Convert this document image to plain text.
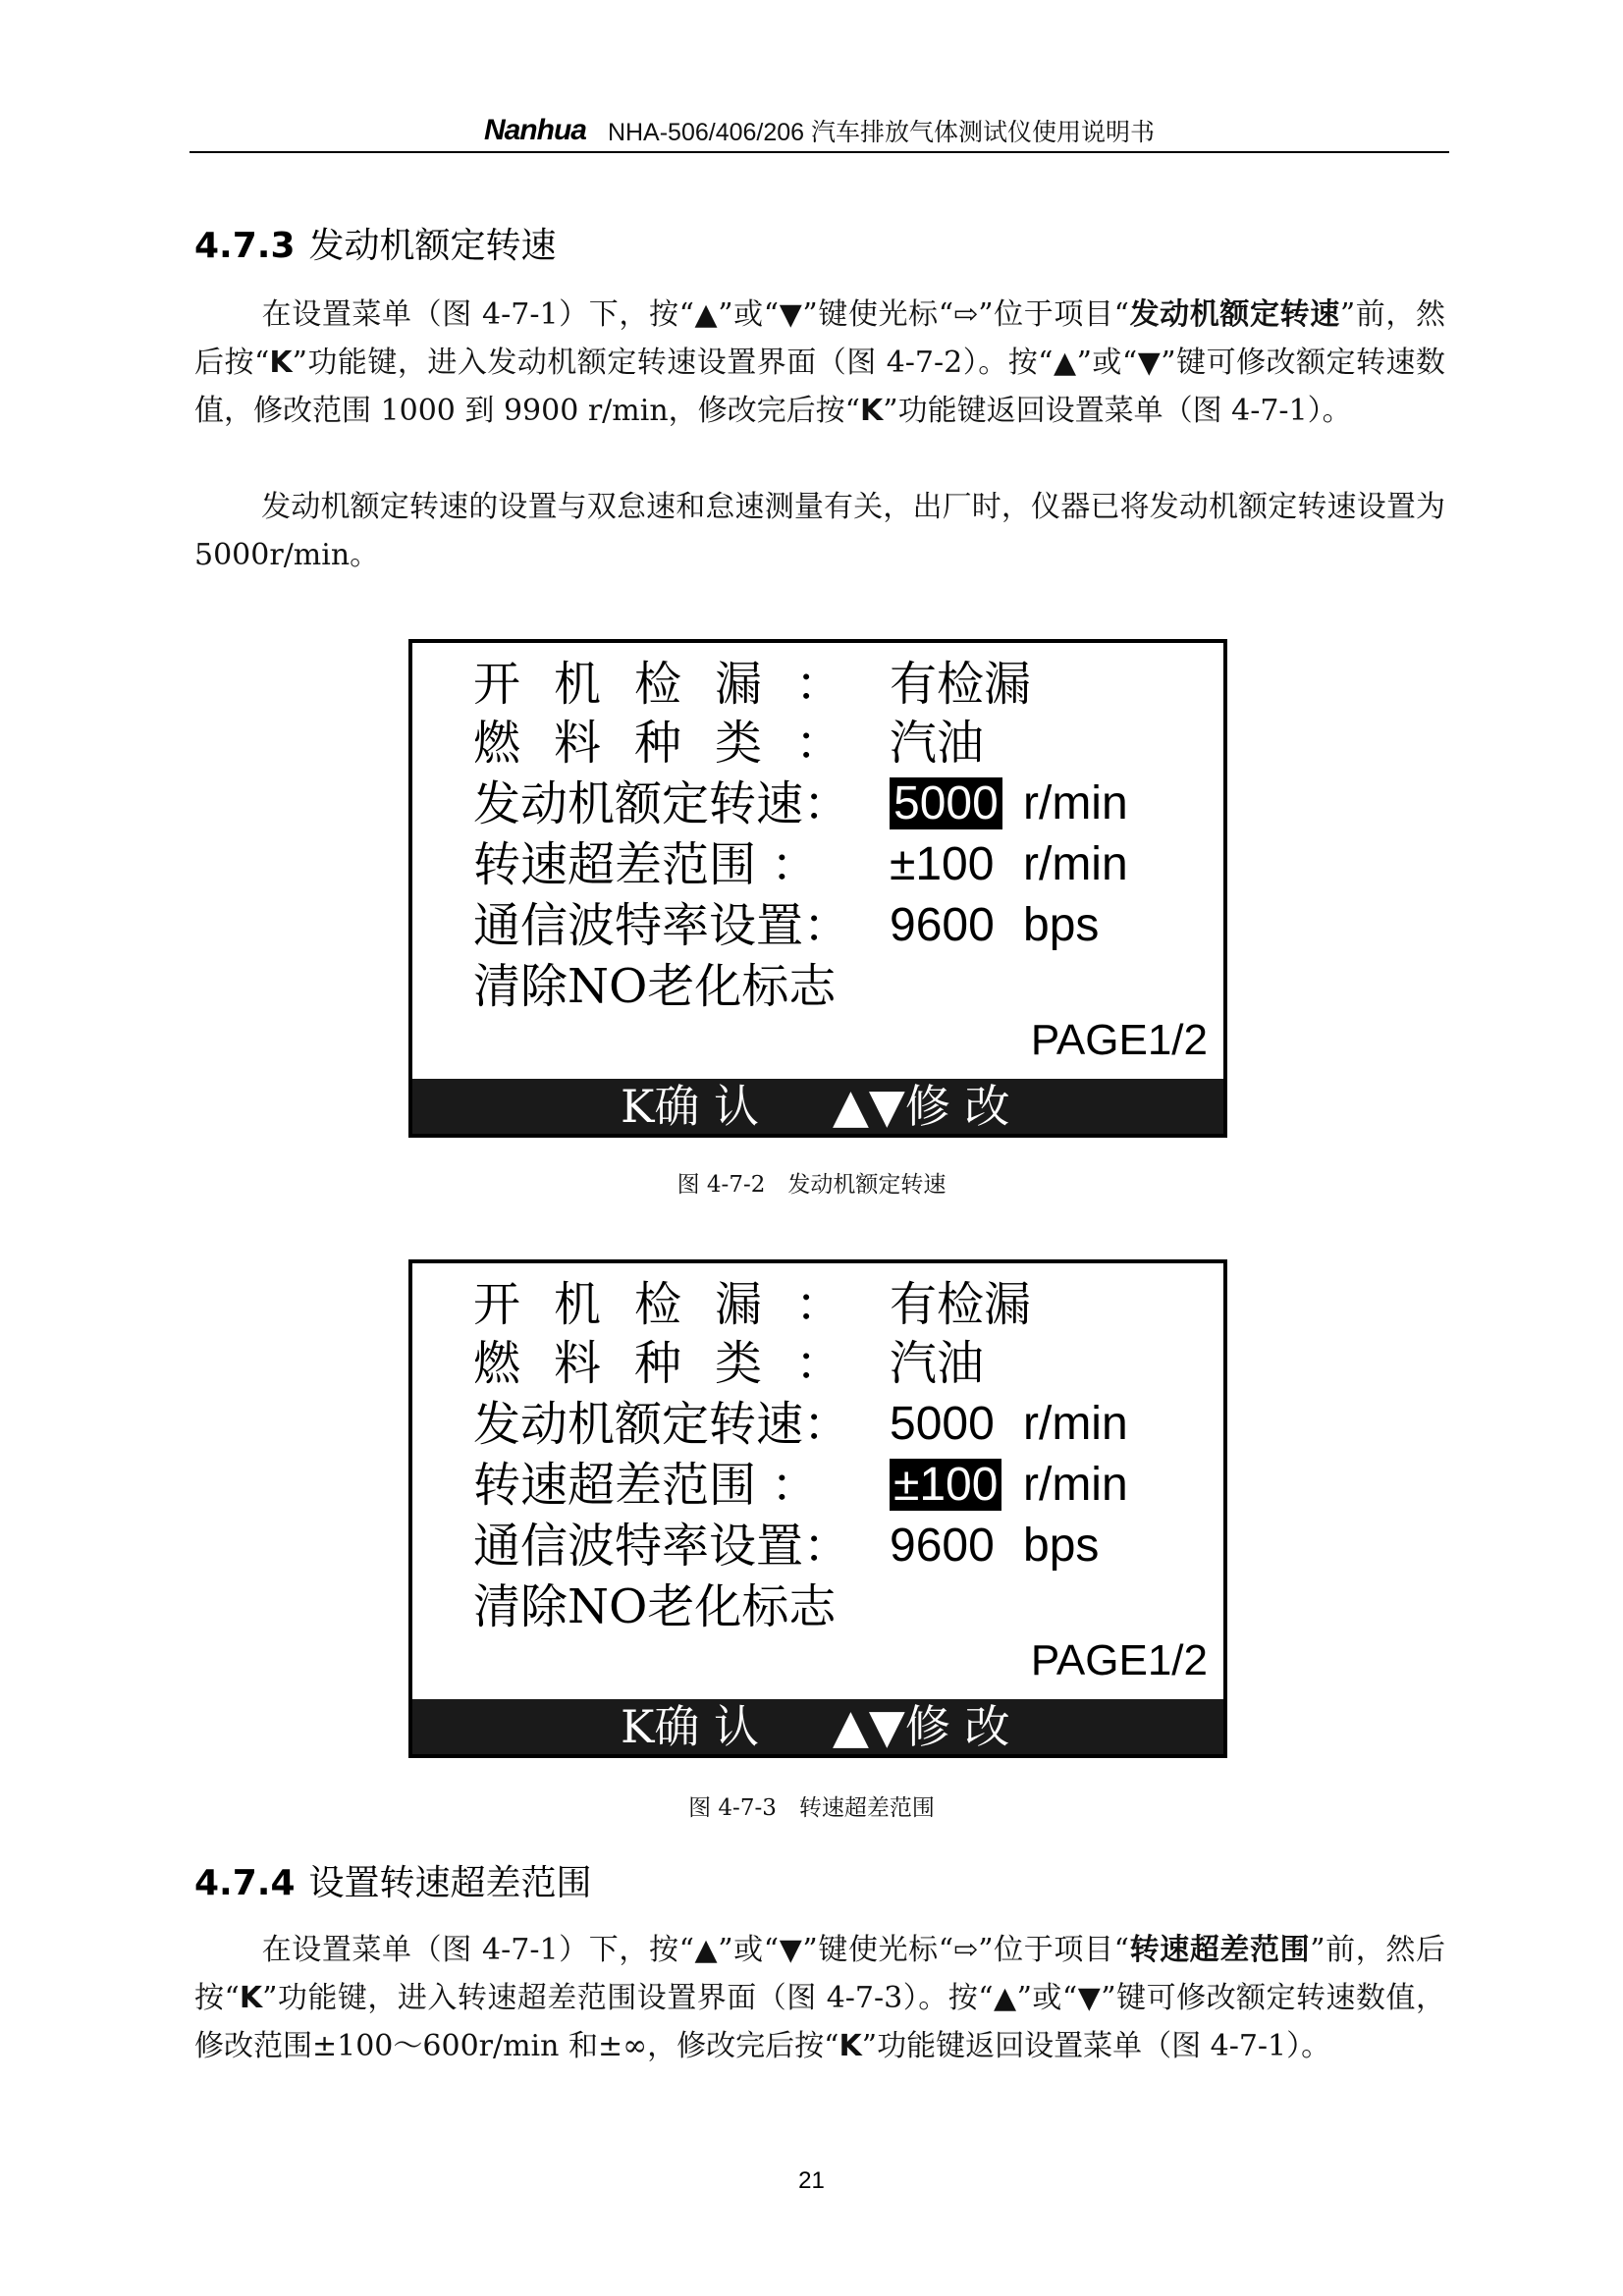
Nanhua NHA-506/406/206 汽车排放气体测试仪使用说明书
4.7.3 发动机额定转速

在设置菜单（图 4-7-1）下，按“▲”或“▼”键使光标“⇨”位于项目“发动机额定转速”前，然后按“K”功能键，进入发动机额定转速设置界面（图 4-7-2）。按“▲”或“▼”键可修改额定转速数值，修改范围 1000 到 9900 r/min，修改完后按“K”功能键返回设置菜单（图 4-7-1）。

发动机额定转速的设置与双怠速和怠速测量有关，出厂时，仪器已将发动机额定转速设置为 5000r/min。

开机检漏： 有检漏
燃料种类： 汽油
发动机额定转速： 5000 r/min
转速超差范围 ： ±100 r/min
通信波特率设置： 9600 bps
清除NO老化标志
PAGE1/2
K确 认 ▲▼修 改
图 4-7-2　发动机额定转速
开机检漏： 有检漏
燃料种类： 汽油
发动机额定转速： 5000 r/min
转速超差范围 ： ±100 r/min
通信波特率设置： 9600 bps
清除NO老化标志
PAGE1/2
K确 认 ▲▼修 改
图 4-7-3　转速超差范围
4.7.4 设置转速超差范围

在设置菜单（图 4-7-1）下，按“▲”或“▼”键使光标“⇨”位于项目“转速超差范围”前，然后按“K”功能键，进入转速超差范围设置界面（图 4-7-3）。按“▲”或“▼”键可修改额定转速数值，修改范围±100～600r/min 和±∞，修改完后按“K”功能键返回设置菜单（图 4-7-1）。

21
